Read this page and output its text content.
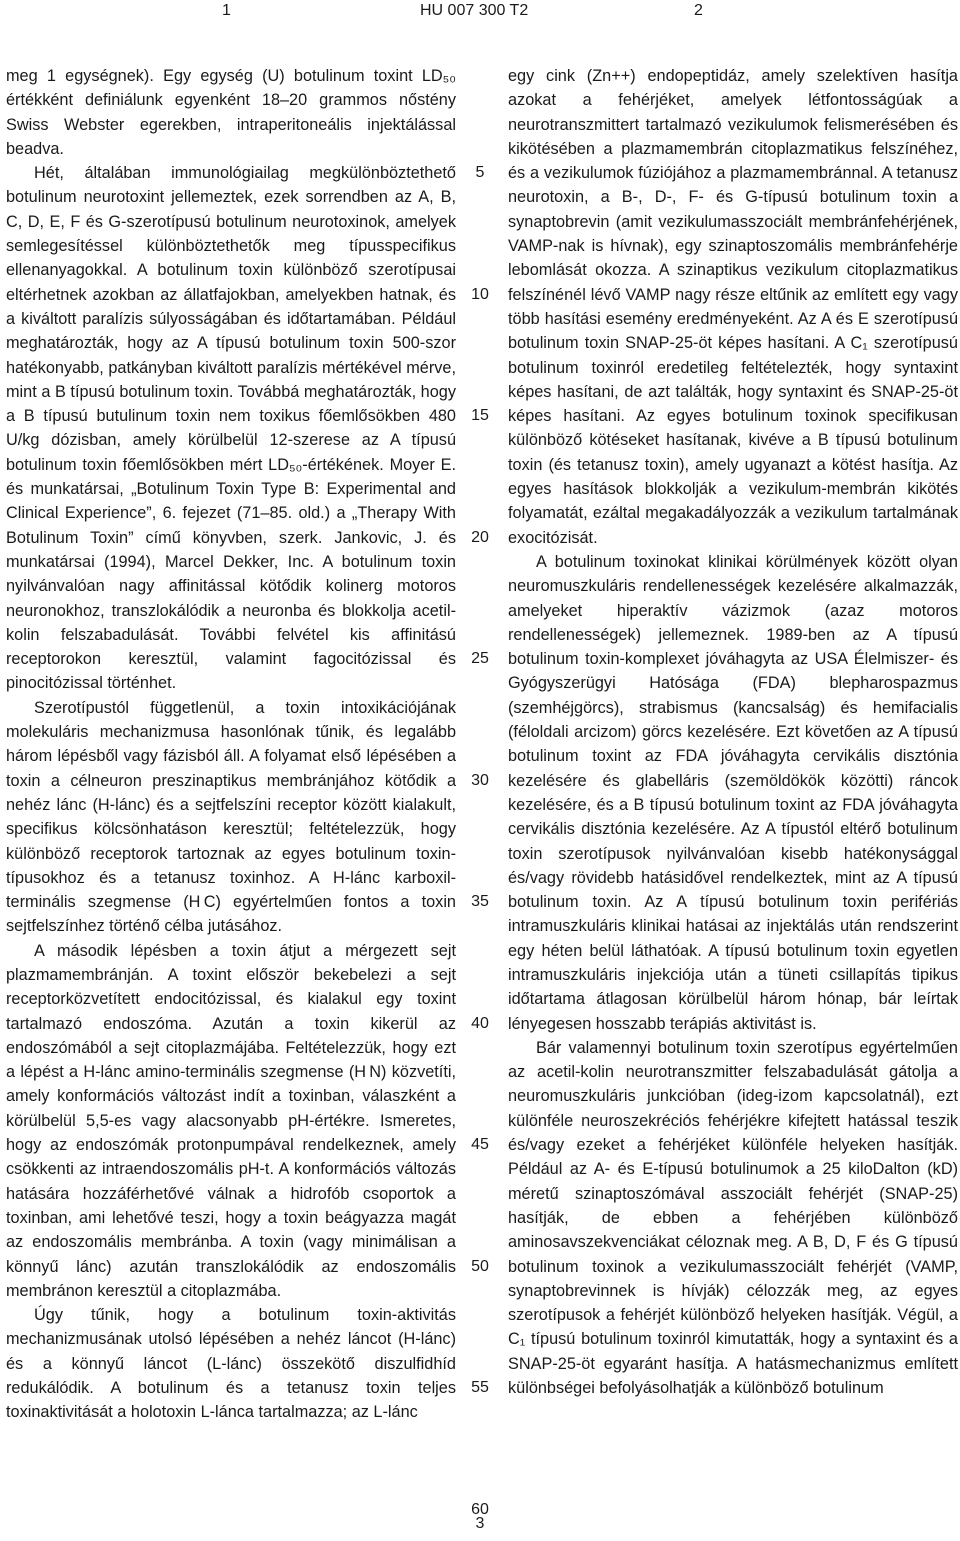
1	HU 007 300 T2	2

meg 1 egységnek). Egy egység (U) botulinum toxint LD₅₀ értékként definiálunk egyenként 18–20 grammos nőstény Swiss Webster egerekben, intraperitoneális injektálással beadva.

Hét, általában immunológiailag megkülönböztethető botulinum neurotoxint jellemeztek, ezek sorrendben az A, B, C, D, E, F és G-szerotípusú botulinum neurotoxinok, amelyek semlegesítéssel különböztethetők meg típusspecifikus ellenanyagokkal. A botulinum toxin különböző szerotípusai eltérhetnek azokban az állatfajokban, amelyekben hatnak, és a kiváltott paralízis súlyosságában és időtartamában. Például meghatározták, hogy az A típusú botulinum toxin 500-szor hatékonyabb, patkányban kiváltott paralízis mértékével mérve, mint a B típusú botulinum toxin. Továbbá meghatározták, hogy a B típusú butulinum toxin nem toxikus főemlősökben 480 U/kg dózisban, amely körülbelül 12-szerese az A típusú botulinum toxin főemlősökben mért LD₅₀-értékének. Moyer E. és munkatársai, „Botulinum Toxin Type B: Experimental and Clinical Experience”, 6. fejezet (71–85. old.) a „Therapy With Botulinum Toxin” című könyvben, szerk. Jankovic, J. és munkatársai (1994), Marcel Dekker, Inc. A botulinum toxin nyilvánvalóan nagy affinitással kötődik kolinerg motoros neuronokhoz, transzlokálódik a neuronba és blokkolja acetil-kolin felszabadulását. További felvétel kis affinitású receptorokon keresztül, valamint fagocitózissal és pinocitózissal történhet.

Szerotípustól függetlenül, a toxin intoxikációjának molekuláris mechanizmusa hasonlónak tűnik, és legalább három lépésből vagy fázisból áll. A folyamat első lépésében a toxin a célneuron preszinaptikus membránjához kötődik a nehéz lánc (H-lánc) és a sejtfelszíni receptor között kialakult, specifikus kölcsönhatáson keresztül; feltételezzük, hogy különböző receptorok tartoznak az egyes botulinum toxin-típusokhoz és a tetanusz toxinhoz. A H-lánc karboxil-terminális szegmense (H C) egyértelműen fontos a toxin sejtfelszínhez történő célba jutásához.

A második lépésben a toxin átjut a mérgezett sejt plazmamembránján. A toxint először bekebelezi a sejt receptorközvetített endocitózissal, és kialakul egy toxint tartalmazó endoszóma. Azután a toxin kikerül az endoszómából a sejt citoplazmájába. Feltételezzük, hogy ezt a lépést a H-lánc amino-terminális szegmense (H N) közvetíti, amely konformációs változást indít a toxinban, válaszként a körülbelül 5,5-es vagy alacsonyabb pH-értékre. Ismeretes, hogy az endoszómák protonpumpával rendelkeznek, amely csökkenti az intraendoszomális pH-t. A konformációs változás hatására hozzáférhetővé válnak a hidrofób csoportok a toxinban, ami lehetővé teszi, hogy a toxin beágyazza magát az endoszomális membránba. A toxin (vagy minimálisan a könnyű lánc) azután transzlokálódik az endoszomális membránon keresztül a citoplazmába.

Úgy tűnik, hogy a botulinum toxin-aktivitás mechanizmusának utolsó lépésében a nehéz láncot (H-lánc) és a könnyű láncot (L-lánc) összekötő diszulfidhíd redukálódik. A botulinum és a tetanusz toxin teljes toxinaktivitását a holotoxin L-lánca tartalmazza; az L-lánc

5
10
15
20
25
30
35
40
45
50
55
60

egy cink (Zn++) endopeptidáz, amely szelektíven hasítja azokat a fehérjéket, amelyek létfontosságúak a neurotranszmittert tartalmazó vezikulumok felismerésében és kikötésében a plazmamembrán citoplazmatikus felszínéhez, és a vezikulumok fúziójához a plazmamembránnal. A tetanusz neurotoxin, a B-, D-, F- és G-típusú botulinum toxin a synaptobrevin (amit vezikulumasszociált membránfehérjének, VAMP-nak is hívnak), egy szinaptoszomális membránfehérje lebomlását okozza. A szinaptikus vezikulum citoplazmatikus felszínénél lévő VAMP nagy része eltűnik az említett egy vagy több hasítási esemény eredményeként. Az A és E szerotípusú botulinum toxin SNAP-25-öt képes hasítani. A C₁ szerotípusú botulinum toxinról eredetileg feltételezték, hogy syntaxint képes hasítani, de azt találták, hogy syntaxint és SNAP-25-öt képes hasítani. Az egyes botulinum toxinok specifikusan különböző kötéseket hasítanak, kivéve a B típusú botulinum toxin (és tetanusz toxin), amely ugyanazt a kötést hasítja. Az egyes hasítások blokkolják a vezikulum-membrán kikötés folyamatát, ezáltal megakadályozzák a vezikulum tartalmának exocitózisát.

A botulinum toxinokat klinikai körülmények között olyan neuromuszkuláris rendellenességek kezelésére alkalmazzák, amelyeket hiperaktív vázizmok (azaz motoros rendellenességek) jellemeznek. 1989-ben az A típusú botulinum toxin-komplexet jóváhagyta az USA Élelmiszer- és Gyógyszerügyi Hatósága (FDA) blepharospazmus (szemhéjgörcs), strabismus (kancsalság) és hemifacialis (féloldali arcizom) görcs kezelésére. Ezt követően az A típusú botulinum toxint az FDA jóváhagyta cervikális disztónia kezelésére és glabelláris (szemöldökök közötti) ráncok kezelésére, és a B típusú botulinum toxint az FDA jóváhagyta cervikális disztónia kezelésére. Az A típustól eltérő botulinum toxin szerotípusok nyilvánvalóan kisebb hatékonysággal és/vagy rövidebb hatásidővel rendelkeztek, mint az A típusú botulinum toxin. Az A típusú botulinum toxin perifériás intramuszkuláris klinikai hatásai az injektálás után rendszerint egy héten belül láthatóak. A típusú botulinum toxin egyetlen intramuszkuláris injekciója után a tüneti csillapítás tipikus időtartama átlagosan körülbelül három hónap, bár leírtak lényegesen hosszabb terápiás aktivitást is.

Bár valamennyi botulinum toxin szerotípus egyértelműen az acetil-kolin neurotranszmitter felszabadulását gátolja a neuromuszkuláris junkcióban (ideg-izom kapcsolatnál), ezt különféle neuroszekréciós fehérjékre kifejtett hatással teszik és/vagy ezeket a fehérjéket különféle helyeken hasítják. Például az A- és E-típusú botulinumok a 25 kiloDalton (kD) méretű szinaptoszómával asszociált fehérjét (SNAP-25) hasítják, de ebben a fehérjében különböző aminosavszekvenciákat céloznak meg. A B, D, F és G típusú botulinum toxinok a vezikulumasszociált fehérjét (VAMP, synaptobrevinnek is hívják) célozzák meg, az egyes szerotípusok a fehérjét különböző helyeken hasítják. Végül, a C₁ típusú botulinum toxinról kimutatták, hogy a syntaxint és a SNAP-25-öt egyaránt hasítja. A hatásmechanizmus említett különbségei befolyásolhatják a különböző botulinum

3
